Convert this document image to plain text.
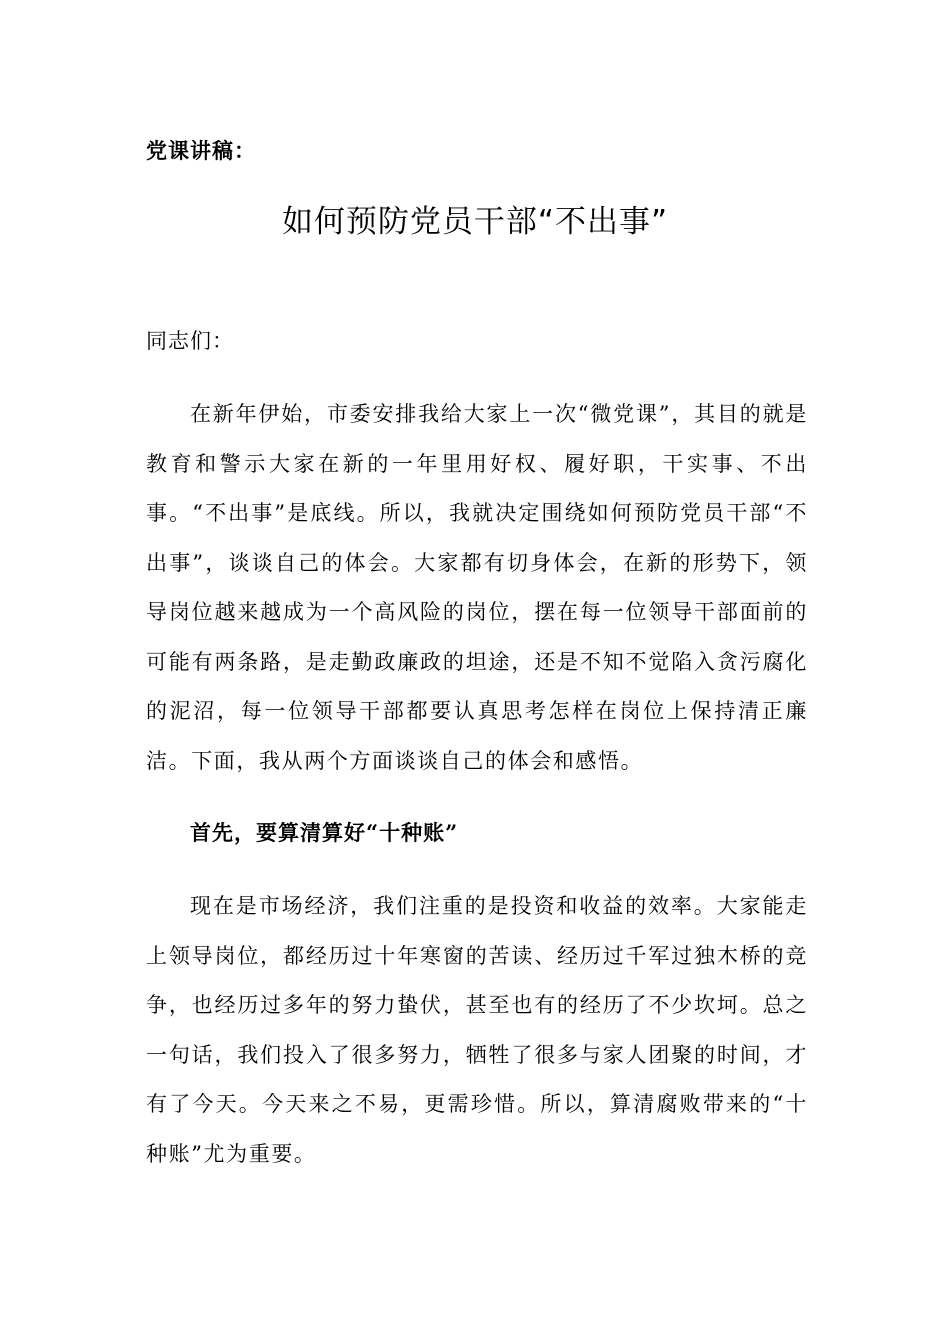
党课讲稿：
如何预防党员干部“不出事”
同志们：
在新年伊始，市委安排我给大家上一次“微党课”，其目的就是教育和警示大家在新的一年里用好权、履好职，干实事、不出事。“不出事”是底线。所以，我就决定围绕如何预防党员干部“不出事”，谈谈自己的体会。大家都有切身体会，在新的形势下，领导岗位越来越成为一个高风险的岗位，摆在每一位领导干部面前的可能有两条路，是走勤政廉政的坦途，还是不知不觉陷入贪污腐化的泥沼，每一位领导干部都要认真思考怎样在岗位上保持清正廉洁。下面，我从两个方面谈谈自己的体会和感悟。
首先，要算清算好“十种账”
现在是市场经济，我们注重的是投资和收益的效率。大家能走上领导岗位，都经历过十年寒窗的苦读、经历过千军过独木桥的竞争，也经历过多年的努力蛰伏，甚至也有的经历了不少坎坷。总之一句话，我们投入了很多努力，牺牲了很多与家人团聚的时间，才有了今天。今天来之不易，更需珍惜。所以，算清腐败带来的“十种账”尤为重要。
